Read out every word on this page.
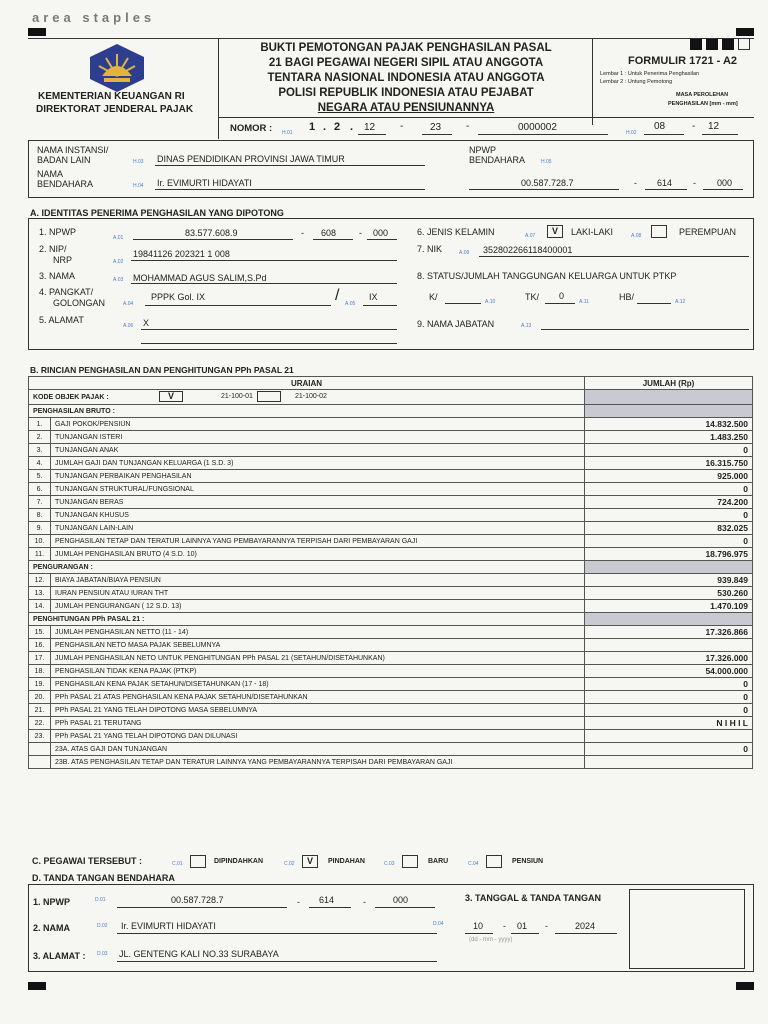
area staples
KEMENTERIAN KEUANGAN RI
DIREKTORAT JENDERAL PAJAK
BUKTI PEMOTONGAN PAJAK PENGHASILAN PASAL
21 BAGI PEGAWAI NEGERI SIPIL ATAU ANGGOTA
TENTARA NASIONAL INDONESIA ATAU ANGGOTA
POLISI REPUBLIK INDONESIA ATAU PEJABAT
NEGARA ATAU PENSIUNANNYA
FORMULIR 1721 - A2
Lembar 1 : Untuk Penerima Penghasilan
Lembar 2 : Untung Pemotong
MASA PEROLEHAN
PENGHASILAN [mm - mm]
NOMOR : H.01 1 . 2 . 12 -	23 -	0000002	H.02
08	- 12
NAMA INSTANSI/
BADAN LAIN	H.03 DINAS PENDIDIKAN PROVINSI JAWA TIMUR
NPWP
BENDAHARA	H.05
NAMA
BENDAHARA	H.04 Ir. EVIMURTI HIDAYATI	00.587.728.7	- 614 - 000
A. IDENTITAS PENERIMA PENGHASILAN YANG DIPOTONG
1. NPWP
A.01	83.577.608.9	- 608	- 000
2. NIP/
NRP	A.02
19841126 202321 1 008
3. NAMA	A.03 MOHAMMAD AGUS SALIM,S.Pd
4. PANGKAT/
GOLONGAN	A.04
PPPK Gol. IX	/ A.05
IX
5. ALAMAT
A.06 X
6. JENIS KELAMIN	A.07	V	LAKI-LAKI	A.08	PEREMPUAN
7. NIK	A.09 352802266118400001
8. STATUS/JUMLAH TANGGUNGAN KELUARGA UNTUK PTKP
K/	A.10	TK/ 0
A.11	HB/	A.12
9. NAMA JABATAN	A.13
B. RINCIAN PENGHASILAN DAN PENGHITUNGAN PPh PASAL 21
URAIAN		JUMLAH (Rp)
KODE OBJEK PAJAK : V 21-100-01 21-100-02		

PENGHASILAN BRUTO :		
1.	GAJI POKOK/PENSIUN	14.832.500
2.	TUNJANGAN ISTERI	1.483.250
3.	TUNJANGAN ANAK	0
4.	JUMLAH GAJI DAN TUNJANGAN KELUARGA (1 S.D. 3)	16.315.750
5.	TUNJANGAN PERBAIKAN PENGHASILAN	925.000
6.	TUNJANGAN STRUKTURAL/FUNGSIONAL	0
7.	TUNJANGAN BERAS	724.200
8.	TUNJANGAN KHUSUS	0
9.	TUNJANGAN LAIN-LAIN	832.025
10.	PENGHASILAN TETAP DAN TERATUR LAINNYA YANG PEMBAYARANNYA TERPISAH DARI PEMBAYARAN GAJI	0
11.	JUMLAH PENGHASILAN BRUTO (4 S.D. 10)	18.796.975
PENGURANGAN :		
12.	BIAYA JABATAN/BIAYA PENSIUN	939.849
13.	IURAN PENSIUN ATAU IURAN THT	530.260
14.	JUMLAH PENGURANGAN ( 12 S.D. 13)	1.470.109
PENGHITUNGAN PPh PASAL 21 :		
15.	JUMLAH PENGHASILAN NETTO (11 - 14)	17.326.866
16.	PENGHASILAN NETO MASA PAJAK SEBELUMNYA	
17.	JUMLAH PENGHASILAN NETO UNTUK PENGHITUNGAN PPh PASAL 21 (SETAHUN/DISETAHUNKAN)	17.326.000
18.	PENGHASILAN TIDAK KENA PAJAK (PTKP)	54.000.000
19.	PENGHASILAN KENA PAJAK SETAHUN/DISETAHUNKAN (17 - 18)	0
20.	PPh PASAL 21 ATAS PENGHASILAN KENA PAJAK SETAHUN/DISETAHUNKAN	0
21.	PPh PASAL 21 YANG TELAH DIPOTONG MASA SEBELUMNYA	0
22.	PPh PASAL 21 TERUTANG	N I H I L
23.	PPh PASAL 21 YANG TELAH DIPOTONG DAN DILUNASI	
	23A. ATAS GAJI DAN TUNJANGAN	0
	23B. ATAS PENGHASILAN TETAP DAN TERATUR LAINNYA YANG PEMBAYARANNYA TERPISAH DARI PEMBAYARAN GAJI	
C. PEGAWAI TERSEBUT :	C.01	DIPINDAHKAN	C.02	V	PINDAHAN	C.03	BARU	C.04	PENSIUN
D. TANDA TANGAN BENDAHARA
1. NPWP	D.01	00.587.728.7	- 614	-	000
2. NAMA	D.02 Ir. EVIMURTI HIDAYATI
3. ALAMAT : D.03 JL. GENTENG KALI NO.33 SURABAYA
3. TANGGAL & TANDA TANGAN
D.04	10 - 01 -	2024
(dd - mm - yyyy)
